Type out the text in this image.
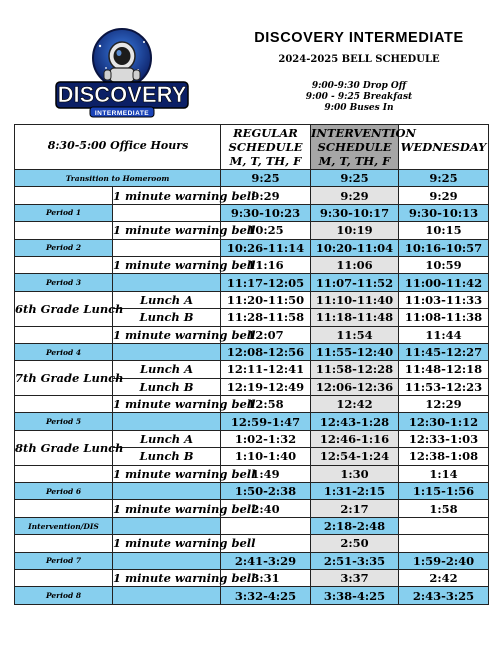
DISCOVERY
INTERMEDIATE
DISCOVERY INTERMEDIATE
2024-2025 BELL SCHEDULE
9:00-9:30 Drop Off
9:00 - 9:25 Breakfast
9:00 Buses In
8:30-5:00 Office Hours
		REGULAR
SCHEDULE
M, T, TH, F	INTERVENTION
SCHEDULE
M, T, TH, F	WEDNESDAY
Transition to Homeroom		9:25	9:25	9:25
	1 minute warning bell	9:29	9:29	9:29
Period 1		9:30-10:23	9:30-10:17	9:30-10:13
	1 minute warning bell	10:25	10:19	10:15
Period 2		10:26-11:14	10:20-11:04	10:16-10:57
	1 minute warning bell	11:16	11:06	10:59
Period 3		11:17-12:05	11:07-11:52	11:00-11:42
6th Grade Lunch	Lunch A	11:20-11:50	11:10-11:40	11:03-11:33
	Lunch B	11:28-11:58	11:18-11:48	11:08-11:38
	1 minute warning bell	12:07	11:54	11:44
Period 4		12:08-12:56	11:55-12:40	11:45-12:27
7th Grade Lunch	Lunch A	12:11-12:41	11:58-12:28	11:48-12:18
	Lunch B	12:19-12:49	12:06-12:36	11:53-12:23
	1 minute warning bell	12:58	12:42	12:29
Period 5		12:59-1:47	12:43-1:28	12:30-1:12
8th Grade Lunch	Lunch A	1:02-1:32	12:46-1:16	12:33-1:03
	Lunch B	1:10-1:40	12:54-1:24	12:38-1:08
	1 minute warning bell	1:49	1:30	1:14
Period 6		1:50-2:38	1:31-2:15	1:15-1:56
	1 minute warning bell	2:40	2:17	1:58
Intervention/DIS			2:18-2:48	
	1 minute warning bell		2:50	
Period 7		2:41-3:29	2:51-3:35	1:59-2:40
	1 minute warning bell	3:31	3:37	2:42
Period 8		3:32-4:25	3:38-4:25	2:43-3:25
